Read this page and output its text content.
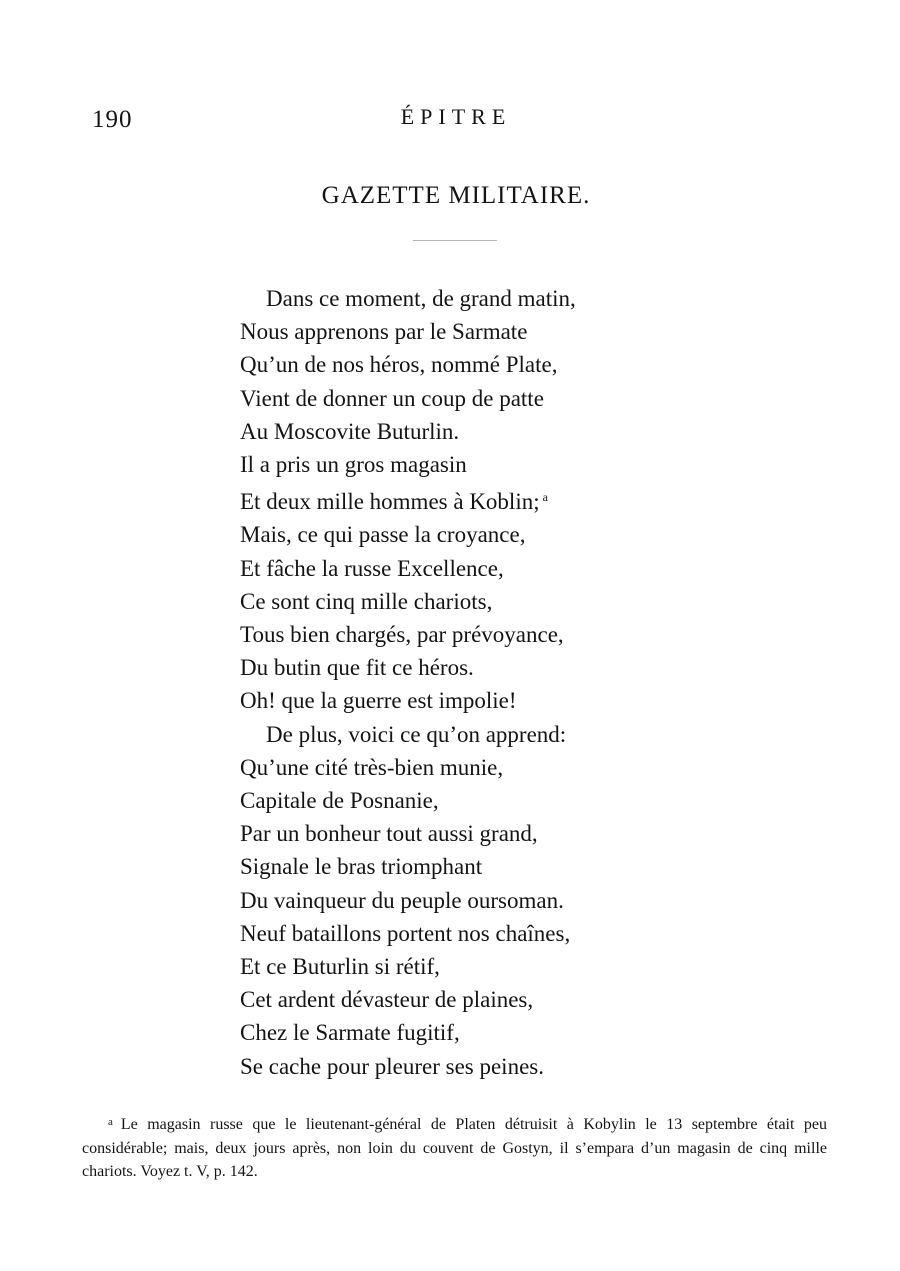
190	ÉPITRE
GAZETTE MILITAIRE.
Dans ce moment, de grand matin,
Nous apprenons par le Sarmate
Qu’un de nos héros, nommé Plate,
Vient de donner un coup de patte
Au Moscovite Buturlin.
Il a pris un gros magasin
Et deux mille hommes à Koblin; $^a$
Mais, ce qui passe la croyance,
Et fâche la russe Excellence,
Ce sont cinq mille chariots,
Tous bien chargés, par prévoyance,
Du butin que fit ce héros.
Oh! que la guerre est impolie!
De plus, voici ce qu’on apprend:
Qu’une cité très-bien munie,
Capitale de Posnanie,
Par un bonheur tout aussi grand,
Signale le bras triomphant
Du vainqueur du peuple oursoman.
Neuf bataillons portent nos chaînes,
Et ce Buturlin si rétif,
Cet ardent dévasteur de plaines,
Chez le Sarmate fugitif,
Se cache pour pleurer ses peines.
$^a$ Le magasin russe que le lieutenant-général de Platen détruisit à Kobylin le 13 septembre était peu considérable; mais, deux jours après, non loin du couvent de Gostyn, il s’empara d’un magasin de cinq mille chariots. Voyez t. V, p. 142.
